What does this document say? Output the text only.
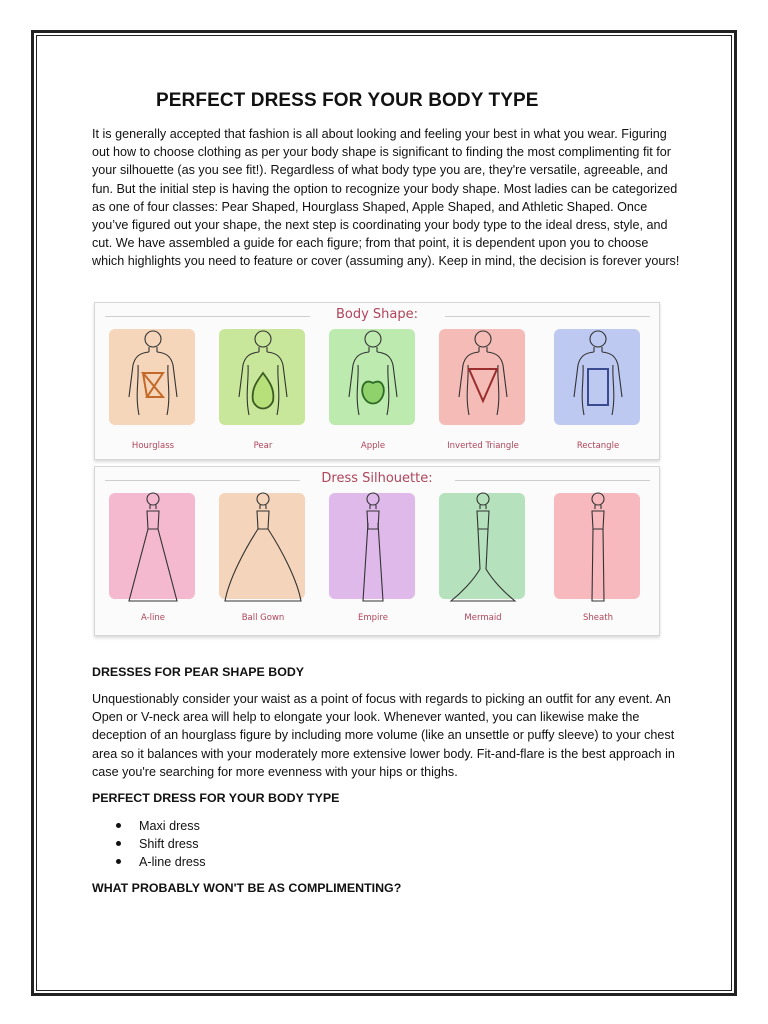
PERFECT DRESS FOR YOUR BODY TYPE

It is generally accepted that fashion is all about looking and feeling your best in what you wear. Figuring out how to choose clothing as per your body shape is significant to finding the most complimenting fit for your silhouette (as you see fit!). Regardless of what body type you are, they're versatile, agreeable, and fun. But the initial step is having the option to recognize your body shape. Most ladies can be categorized as one of four classes: Pear Shaped, Hourglass Shaped, Apple Shaped, and Athletic Shaped. Once you’ve figured out your shape, the next step is coordinating your body type to the ideal dress, style, and cut. We have assembled a guide for each figure; from that point, it is dependent upon you to choose which highlights you need to feature or cover (assuming any). Keep in mind, the decision is forever yours!

Body Shape:
Hourglass	Pear	Apple	Inverted Triangle	Rectangle
Dress Silhouette:
A-line	Ball Gown	Empire	Mermaid	Sheath
DRESSES FOR PEAR SHAPE BODY

Unquestionably consider your waist as a point of focus with regards to picking an outfit for any event. An Open or V-neck area will help to elongate your look. Whenever wanted, you can likewise make the deception of an hourglass figure by including more volume (like an unsettle or puffy sleeve) to your chest area so it balances with your moderately more extensive lower body. Fit-and-flare is the best approach in case you're searching for more evenness with your hips or thighs.

PERFECT DRESS FOR YOUR BODY TYPE
Maxi dress
Shift dress
A-line dress
WHAT PROBABLY WON'T BE AS COMPLIMENTING?
